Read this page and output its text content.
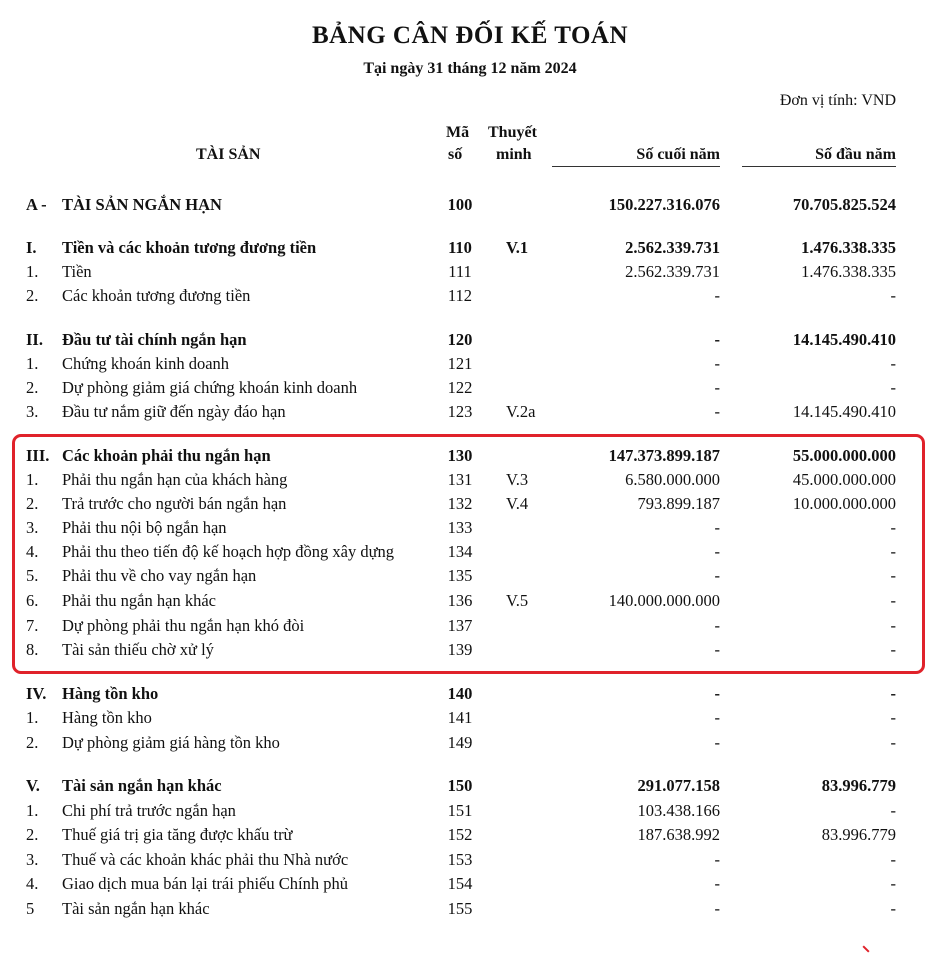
BẢNG CÂN ĐỐI KẾ TOÁN
Tại ngày 31 tháng 12 năm 2024
Đơn vị tính: VND
TÀI SẢN
Mã
số
Thuyết
minh	Số cuối năm	Số đầu năm
A - TÀI SẢN NGẮN HẠN	100	150.227.316.076	70.705.825.524
I. Tiền và các khoản tương đương tiền	110	V.1	2.562.339.731	1.476.338.335
1. Tiền	111	2.562.339.731	1.476.338.335
2. Các khoản tương đương tiền	112	-	-
II. Đầu tư tài chính ngắn hạn	120	-	14.145.490.410
1. Chứng khoán kinh doanh	121	-	-
2. Dự phòng giảm giá chứng khoán kinh doanh	122	-	-
3. Đầu tư nắm giữ đến ngày đáo hạn	123	V.2a	-	14.145.490.410
III. Các khoản phải thu ngắn hạn	130	147.373.899.187	55.000.000.000
1. Phải thu ngắn hạn của khách hàng	131	V.3	6.580.000.000	45.000.000.000
2. Trả trước cho người bán ngắn hạn	132	V.4	793.899.187	10.000.000.000
3. Phải thu nội bộ ngắn hạn	133	-	-
4. Phải thu theo tiến độ kế hoạch hợp đồng xây dựng	134	-	-
5. Phải thu về cho vay ngắn hạn	135	-	-
6. Phải thu ngắn hạn khác	136	V.5	140.000.000.000	-
7. Dự phòng phải thu ngắn hạn khó đòi	137	-	-
8. Tài sản thiếu chờ xử lý	139	-	-
IV. Hàng tồn kho	140	-	-
1. Hàng tồn kho	141	-	-
2. Dự phòng giảm giá hàng tồn kho	149	-	-
V. Tài sản ngắn hạn khác	150	291.077.158	83.996.779
1. Chi phí trả trước ngắn hạn	151	103.438.166	-
2. Thuế giá trị gia tăng được khấu trừ	152	187.638.992	83.996.779
3. Thuế và các khoản khác phải thu Nhà nước	153	-	-
4. Giao dịch mua bán lại trái phiếu Chính phủ	154	-	-
5 Tài sản ngắn hạn khác	155	-	-
